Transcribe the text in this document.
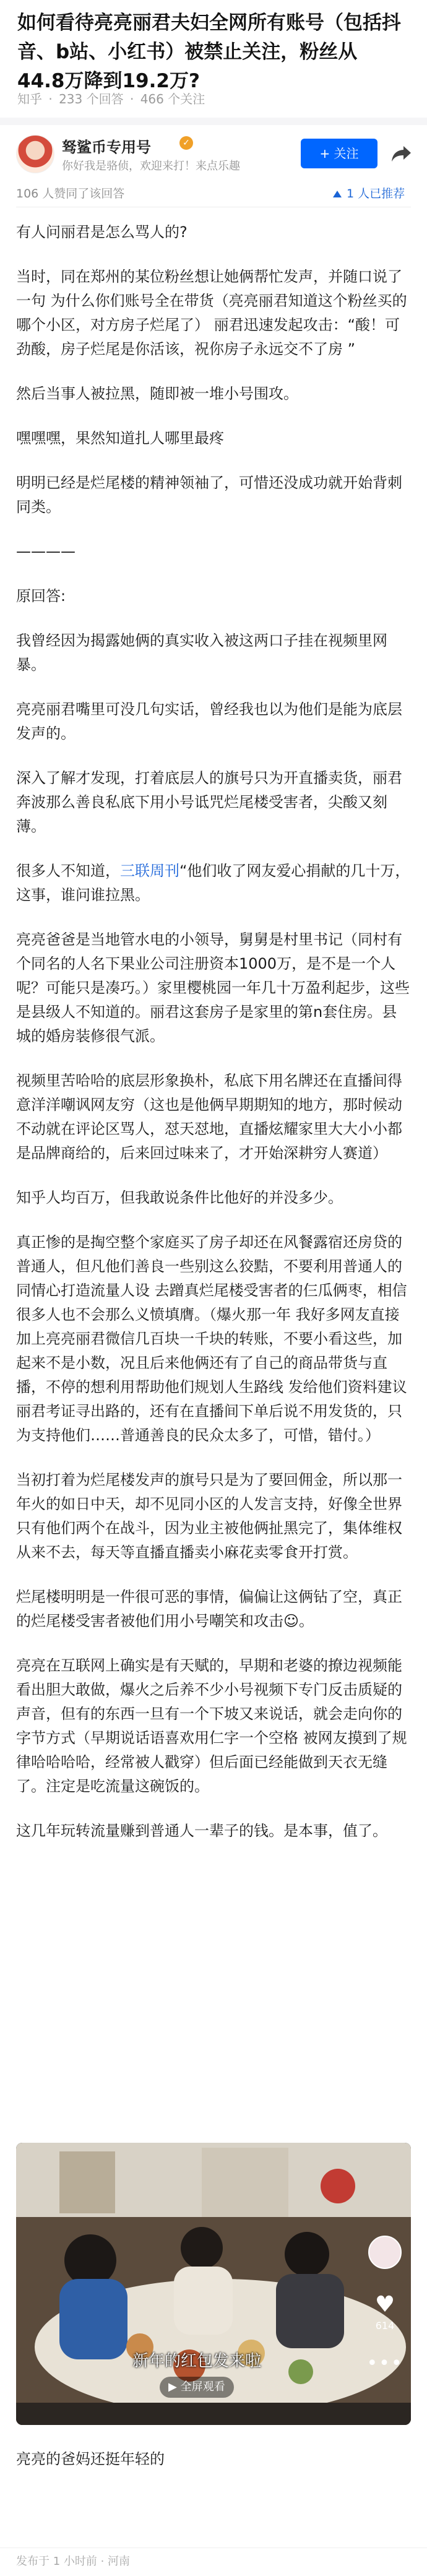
如何看待亮亮丽君夫妇全网所有账号（包括抖音、b站、小红书）被禁止关注，粉丝从 44.8万降到19.2万?
知乎 · 233 个回答 · 466 个关注
驽鲨币专用号	✓
你好我是骆侦，欢迎来打！来点乐趣
+ 关注
106 人赞同了该回答	1 人已推荐

有人问丽君是怎么骂人的?

当时，同在郑州的某位粉丝想让她俩帮忙发声，并随口说了一句 为什么你们账号全在带货（亮亮丽君知道这个粉丝买的哪个小区，对方房子烂尾了） 丽君迅速发起攻击：“酸！可劲酸，房子烂尾是你活该，祝你房子永远交不了房 ”

然后当事人被拉黑，随即被一堆小号围攻。

嘿嘿嘿，果然知道扎人哪里最疼

明明已经是烂尾楼的精神领袖了，可惜还没成功就开始背刺同类。

————

原回答:

我曾经因为揭露她俩的真实收入被这两口子挂在视频里网暴。

亮亮丽君嘴里可没几句实话，曾经我也以为他们是能为底层发声的。

深入了解才发现，打着底层人的旗号只为开直播卖货，丽君奔波那么善良私底下用小号诋咒烂尾楼受害者，尖酸又刻薄。

很多人不知道，三联周刊“他们收了网友爱心捐献的几十万，这事，谁问谁拉黑。

亮亮爸爸是当地管水电的小领导，舅舅是村里书记（同村有个同名的人名下果业公司注册资本1000万，是不是一个人呢？可能只是凑巧。）家里樱桃园一年几十万盈利起步，这些是县级人不知道的。丽君这套房子是家里的第n套住房。县城的婚房装修很气派。

视频里苦哈哈的底层形象换朴，私底下用名牌还在直播间得意洋洋嘲讽网友穷（这也是他俩早期期知的地方，那时候动不动就在评论区骂人，怼天怼地，直播炫耀家里大大小小都是品牌商给的，后来回过味来了，才开始深耕穷人赛道）

知乎人均百万，但我敢说条件比他好的并没多少。

真正惨的是掏空整个家庭买了房子却还在风餐露宿还房贷的普通人，但凡他们善良一些别这么狡黠，不要利用普通人的同情心打造流量人设 去蹭真烂尾楼受害者的仨瓜俩枣，相信很多人也不会那么义愤填膺。（爆火那一年 我好多网友直接加上亮亮丽君微信几百块一千块的转账，不要小看这些，加起来不是小数，况且后来他俩还有了自己的商品带货与直播，不停的想利用帮助他们规划人生路线 发给他们资料建议丽君考证寻出路的，还有在直播间下单后说不用发货的，只为支持他们……普通善良的民众太多了，可惜，错付。）

当初打着为烂尾楼发声的旗号只是为了要回佣金，所以那一年火的如日中天，却不见同小区的人发言支持，好像全世界只有他们两个在战斗，因为业主被他俩扯黑完了，集体维权从来不去，每天等直播直播卖小麻花卖零食开打赏。

烂尾楼明明是一件很可恶的事情，偏偏让这俩钻了空，真正的烂尾楼受害者被他们用小号嘲笑和攻击☺。

亮亮在互联网上确实是有天赋的，早期和老婆的撩边视频能看出胆大敢做，爆火之后养不少小号视频下专门反击质疑的声音，但有的东西一旦有一个下坡又来说话，就会走向你的字节方式（早期说话语喜欢用仁字一个空格 被网友摸到了规律哈哈哈哈，经常被人戳穿）但后面已经能做到天衣无缝了。注定是吃流量这碗饭的。

这几年玩转流量赚到普通人一辈子的钱。是本事，值了。

新年的红包发来啦
▶ 全屏观看
♥
614
•••
亮亮的爸妈还挺年轻的
发布于 1 小时前 · 河南
